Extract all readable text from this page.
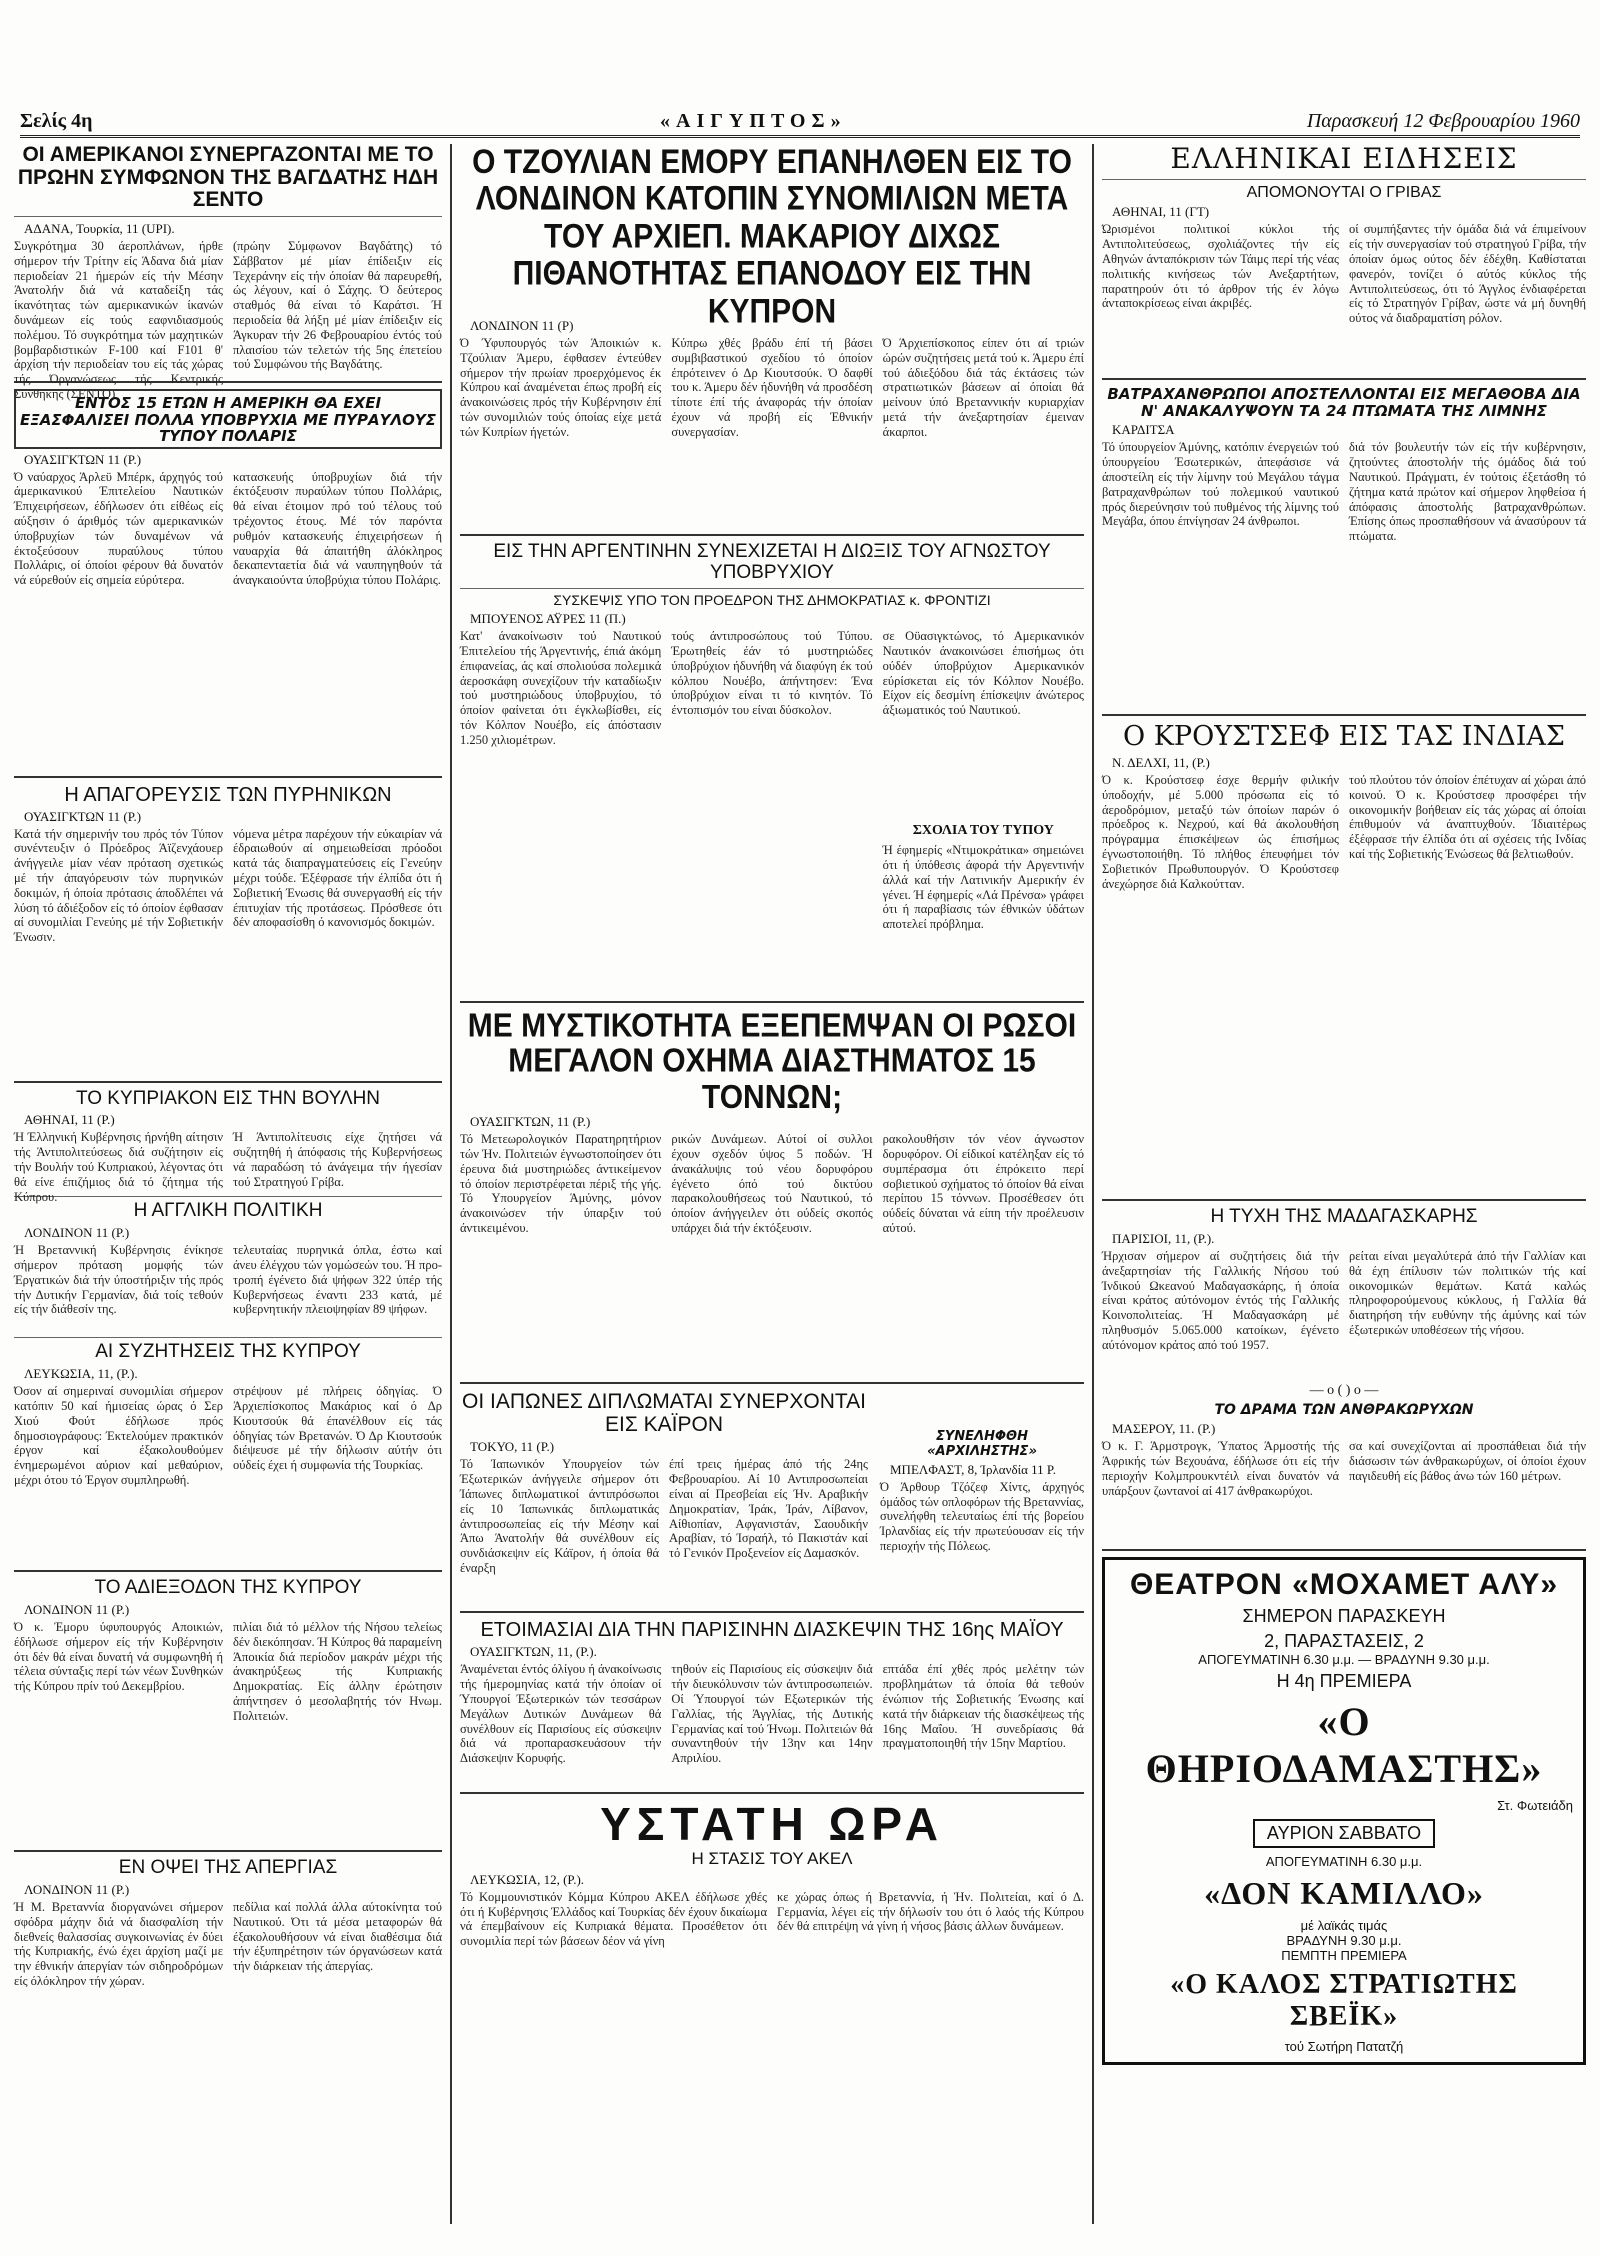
Σελίς 4η	«ΑΙΓΥΠΤΟΣ»	Παρασκευή 12 Φεβρουαρίου 1960
ΟΙ ΑΜΕΡΙΚΑΝΟΙ ΣΥΝΕΡΓΑΖΟΝΤΑΙ ΜΕ ΤΟ ΠΡΩΗΝ ΣΥΜΦΩΝΟΝ ΤΗΣ ΒΑΓΔΑΤΗΣ ΗΔΗ ΣΕΝΤΟ
ΑΔΑΝΑ, Τουρκία, 11 (UPI).
Συγκρότημα 30 άεροπλάνων, ήρθε σήμερον τήν Τρίτην είς Άδανα διά μίαν περιοδείαν 21 ήμερών είς τήν Μέσην Άνατολήν διά νά καταδείξη τάς ίκανότητας τών αμερικανικών ίκανών δυνάμεων είς τούς εαφνιδιασμούς πολέμου. Τό συγκρότημα τών μαχητικών βομβαρδιστικών F-100 καί F101 θ' άρχίση τήν περιοδείαν του είς τάς χώρας τής Όργανώσεως τής Κεντρικής Συνθήκης (ΣΕΝΤΟ)
(πρώην Σύμφωνον Βαγδάτης) τό Σάββατον μέ μίαν έπίδειξιν είς Τεχεράνην είς τήν όποίαν θά παρευρεθή, ώς λέγουν, καί ό Σάχης. Ό δεύτερος σταθμός θά είναι τό Καράτσι. Ή περιοδεία θά λήξη μέ μίαν έπίδειξιν είς Άγκυραν τήν 26 Φεβρουαρίου έντός τού πλαισίου τών τελετών τής 5ης έπετείου τού Συμφώνου τής Βαγδάτης.
ΕΝΤΟΣ 15 ΕΤΩΝ Η ΑΜΕΡΙΚΗ ΘΑ ΕΧΕΙ ΕΞΑΣΦΑΛΙΣΕΙ ΠΟΛΛΑ ΥΠΟΒΡΥΧΙΑ ΜΕ ΠΥΡΑΥΛΟΥΣ ΤΥΠΟΥ ΠΟΛΑΡΙΣ
ΟΥΑΣΙΓΚΤΩΝ 11 (Ρ.)
Ό ναύαρχος Άρλεϋ Μπέρκ, άρχηγός τού άμερικανικού Έπιτελείου Ναυτικών Έπιχειρήσεων, έδήλωσεν ότι είθέως είς αύξησιν ό άριθμός τών αμερικανικών ύποβρυχίων τών δυναμένων νά έκτοξεύσουν πυραύλους τύπου Πολλάρις, οί όποίοι φέρουν θά δυνατόν νά εύρεθούν είς σημεία εύρύτερα.
κατασκευής ύποβρυχίων διά τήν έκτόξευσιν πυραύλων τύπου Πολλάρις, θά είναι έτοιμον πρό τού τέλους τού τρέχοντος έτους. Μέ τόν παρόντα ρυθμόν κατασκευής έπιχειρήσεων ή ναυαρχία θά άπαιτήθη άλόκληρος δεκαπενταετία διά νά ναυπηγηθούν τά άναγκαιούντα ύποβρύχια τύπου Πολάρις.
Η ΑΠΑΓΟΡΕΥΣΙΣ ΤΩΝ ΠΥΡΗΝΙΚΩΝ
ΟΥΑΣΙΓΚΤΩΝ 11 (Ρ.)
Κατά τήν σημερινήν του πρός τόν Τύπον συνέντευξιν ό Πρόεδρος Άϊζενχάουερ άνήγγειλε μίαν νέαν πρόταση σχετικώς μέ τήν άπαγόρευσιν τών πυρηνικών δοκιμών, ή όποία πρότασις άποδλέπει νά λύση τό άδιέξοδον είς τό όποίον έφθασαν αί συνομιλίαι Γενεύης μέ τήν Σοβιετικήν Ένωσιν.
νόμενα μέτρα παρέχουν τήν εύκαιρίαν νά έδραιωθούν αί σημειωθείσαι πρόοδοι κατά τάς διαπραγματεύσεις είς Γενεύην μέχρι τούδε. Έξέφρασε τήν έλπίδα ότι ή Σοβιετική Ένωσις θά συνεργασθή είς τήν έπιτυχίαν τής προτάσεως. Πρόσθεσε ότι δέν αποφασίσθη ό κανονισμός δοκιμών.
ΤΟ ΚΥΠΡΙΑΚΟΝ ΕΙΣ ΤΗΝ ΒΟΥΛΗΝ
ΑΘΗΝΑΙ, 11 (Ρ.)
Ή Έλληνική Κυβέρνησις ήρνήθη αίτησιν τής Άντιπολιτεύσεως διά συζήτησιν είς τήν Βουλήν τού Κυπριακού, λέγοντας ότι θά είνε έπιζήμιος διά τό ζήτημα τής Κύπρου.
Ή Άντιπολίτευσις είχε ζητήσει νά συζητηθή ή άπόφασις τής Κυβερνήσεως νά παραδώση τό άνάγειμα τήν ήγεσίαν τού Στρατηγού Γρίβα.
Η ΑΓΓΛΙΚΗ ΠΟΛΙΤΙΚΗ
ΛΟΝΔΙΝΟΝ 11 (Ρ.)
Ή Βρεταννική Κυβέρνησις ένίκησε σήμερον πρόταση μομφής τών Έργατικών διά τήν ύποστήριξιν τής πρός τήν Δυτικήν Γερμανίαν, διά τοίς τεθούν είς τήν διάθεσίν της.
τελευταίας πυρηνικά όπλα, έστω καί άνευ έλέγχου τών γομώσεών του. Ή προτροπή έγένετο διά ψήφων 322 ύπέρ τής Κυβερνήσεως έναντι 233 κατά, μέ κυβερνητικήν πλειοψηφίαν 89 ψήφων.
ΑΙ ΣΥΖΗΤΗΣΕΙΣ ΤΗΣ ΚΥΠΡΟΥ
ΛΕΥΚΩΣΙΑ, 11, (Ρ.).
Όσον αί σημεριναί συνομιλίαι σήμερον κατόπιν 50 καί ήμισείας ώρας ό Σερ Χιού Φούτ έδήλωσε πρός δημοσιογράφους: Έκτελούμεν πρακτικόν έργον καί έξακολουθούμεν ένημερωμένοι αύριον καί μεθαύριον, μέχρι ότου τό Έργον συμπληρωθή.
στρέψουν μέ πλήρεις όδηγίας. Ό Άρχιεπίσκοπος Μακάριος καί ό Δρ Κιουτσούκ θά έπανέλθουν είς τάς όδηγίας τών Βρετανών. Ό Δρ Κιουτσούκ διέψευσε μέ τήν δήλωσιν αύτήν ότι ούδείς έχει ή συμφωνία τής Τουρκίας.
ΤΟ ΑΔΙΕΞΟΔΟΝ ΤΗΣ ΚΥΠΡΟΥ
ΛΟΝΔΙΝΟΝ 11 (Ρ.)
Ό κ. Έμορυ ύφυπουργός Αποικιών, έδήλωσε σήμερον είς τήν Κυβέρνησιν ότι δέν θά είναι δυνατή νά συμφωνηθή ή τέλεια σύνταξις περί τών νέων Συνθηκών τής Κύπρου πρίν τού Δεκεμβρίου.
πιλίαι διά τό μέλλον τής Νήσου τελείως δέν διεκόπησαν. Ή Κύπρος θά παραμείνη Άποικία διά περίοδον μακράν μέχρι τής άνακηρύξεως τής Κυπριακής Δημοκρατίας. Είς άλλην έρώτησιν άπήντησεν ό μεσολαβητής τόν Ηνωμ. Πολιτειών.
ΕΝ ΟΨΕΙ ΤΗΣ ΑΠΕΡΓΙΑΣ
ΛΟΝΔΙΝΟΝ 11 (Ρ.)
Ή Μ. Βρεταννία διοργανώνει σήμερον σφόδρα μάχην διά νά διασφαλίση τήν διεθνείς θαλασσίας συγκοινωνίας έν δύει τής Κυπριακής, ένώ έχει άρχίση μαζί με την έθνικήν άπεργίαν τών σιδηροδρόμων είς όλόκληρον τήν χώραν.
πεδίλια καί πολλά άλλα αύτοκίνητα τού Ναυτικού. Ότι τά μέσα μεταφορών θά έξακολουθήσουν νά είναι διαθέσιμα διά τήν έξυπηρέτησιν τών όργανώσεων κατά τήν διάρκειαν τής άπεργίας.
Ο ΤΖΟΥΛΙΑΝ ΕΜΟΡΥ ΕΠΑΝΗΛΘΕΝ ΕΙΣ ΤΟ ΛΟΝΔΙΝΟΝ ΚΑΤΟΠΙΝ ΣΥΝΟΜΙΛΙΩΝ ΜΕΤΑ ΤΟΥ ΑΡΧΙΕΠ. ΜΑΚΑΡΙΟΥ ΔΙΧΩΣ ΠΙΘΑΝΟΤΗΤΑΣ ΕΠΑΝΟΔΟΥ ΕΙΣ ΤΗΝ ΚΥΠΡΟΝ
ΛΟΝΔΙΝΟΝ 11 (Ρ)
Ό Ύφυπουργός τών Άποικιών κ. Τζούλιαν Άμερυ, έφθασεν έντεύθεν σήμερον τήν πρωίαν προερχόμενος έκ Κύπρου καί άναμένεται έπως προβή είς άνακοινώσεις πρός τήν Κυβέρνησιν έπί τών συνομιλιών τούς όποίας είχε μετά τών Κυπρίων ήγετών.
Κύπρω χθές βράδυ έπί τή βάσει συμβιβαστικού σχεδίου τό όποίον έπρότεινεν ό Δρ Κιουτσούκ. Ό δαφθί του κ. Άμερυ δέν ήδυνήθη νά προσδέση τίποτε έπί τής άναφοράς τήν όποίαν έχουν νά προβή είς Έθνικήν συνεργασίαν.
Ό Άρχιεπίσκοπος είπεν ότι αί τριών ώρών συζητήσεις μετά τού κ. Άμερυ έπί τού άδιεξόδου διά τάς έκτάσεις τών στρατιωτικών βάσεων αί όποίαι θά μείνουν ύπό Βρεταννικήν κυριαρχίαν μετά τήν άνεξαρτησίαν έμειναν άκαρποι.
ΕΙΣ ΤΗΝ ΑΡΓΕΝΤΙΝΗΝ ΣΥΝΕΧΙΖΕΤΑΙ Η ΔΙΩΞΙΣ ΤΟΥ ΑΓΝΩΣΤΟΥ ΥΠΟΒΡΥΧΙΟΥ
ΣΥΣΚΕΨΙΣ ΥΠΟ ΤΟΝ ΠΡΟΕΔΡΟΝ ΤΗΣ ΔΗΜΟΚΡΑΤΙΑΣ κ. ΦΡΟΝΤΙΖΙ
ΜΠΟΥΕΝΟΣ ΑΫΡΕΣ 11 (Π.)
Κατ' άνακοίνωσιν τού Ναυτικού Έπιτελείου τής Άργεντινής, έπιά άκόμη έπιφανείας, άς καί σπολιούσα πολεμικά άεροσκάφη συνεχίζουν τήν καταδίωξιν τού μυστηριώδους ύποβρυχίου, τό όποίον φαίνεται ότι έγκλωβίσθει, είς τόν Κόλπον Νουέβο, είς άπόστασιν 1.250 χιλιομέτρων.
τούς άντιπροσώπους τού Τύπου. Έρωτηθείς έάν τό μυστηριώδες ύποβρύχιον ήδυνήθη νά διαφύγη έκ τού κόλπου Νουέβο, άπήντησεν: Ένα ύποβρύχιον είναι τι τό κινητόν. Τό έντοπισμόν του είναι δύσκολον.
σε Οϋασιγκτώνος, τό Αμερικανικόν Ναυτικόν άνακοινώσει έπισήμως ότι ούδέν ύποβρύχιον Αμερικανικόν εύρίσκεται είς τόν Κόλπον Νουέβο. Είχον είς δεσμίνη έπίσκεψιν άνώτερος άξιωματικός τού Ναυτικού.
ΣΧΟΛΙΑ ΤΟΥ ΤΥΠΟΥ
Ή έφημερίς «Ντιμοκράτικα» σημειώνει ότι ή ύπόθεσις άφορά τήν Αργεντινήν άλλά καί τήν Λατινικήν Αμερικήν έν γένει. Ή έφημερίς «Λά Πρένσα» γράφει ότι ή παραβίασις τών έθνικών ύδάτων αποτελεί πρόβλημα.
ΜΕ ΜΥΣΤΙΚΟΤΗΤΑ ΕΞΕΠΕΜΨΑΝ ΟΙ ΡΩΣΟΙ ΜΕΓΑΛΟΝ ΟΧΗΜΑ ΔΙΑΣΤΗΜΑΤΟΣ 15 ΤΟΝΝΩΝ;
ΟΥΑΣΙΓΚΤΩΝ, 11 (Ρ.)
Τό Μετεωρολογικόν Παρατηρητήριον τών Ήν. Πολιτειών έγνωστοποίησεν ότι έρευνα διά μυστηριώδες άντικείμενον τό όποίον περιστρέφεται πέριξ τής γής. Τό Υπουργείον Άμύνης, μόνον άνακοινώσεν τήν ύπαρξιν τού άντικειμένου.
ρικών Δυνάμεων. Αύτοί οί συλλοι έχουν σχεδόν ύψος 5 ποδών. Ή άνακάλυψις τού νέου δορυφόρου έγένετο όπό τού δικτύου παρακολουθήσεως τού Ναυτικού, τό όποίον άνήγγειλεν ότι ούδείς σκοπός υπάρχει διά τήν έκτόξευσιν.
ρακολουθήσιν τόν νέον άγνωστον δορυφόρον. Οί είδικοί κατέληξαν είς τό συμπέρασμα ότι έπρόκειτο περί σοβιετικού σχήματος τό όποίον θά είναι περίπου 15 τόννων. Προσέθεσεν ότι ούδείς δύναται νά είπη τήν προέλευσιν αύτού.
ΟΙ ΙΑΠΩΝΕΣ ΔΙΠΛΩΜΑΤΑΙ ΣΥΝΕΡΧΟΝΤΑΙ ΕΙΣ ΚΑΪΡΟΝ
ΤΟΚΥΟ, 11 (Ρ.)
Τό Ίαπωνικόν Υπουργείον τών Έξωτερικών άνήγγειλε σήμερον ότι Ίάπωνες διπλωματικοί άντιπρόσωποι είς 10 Ίαπωνικάς διπλωματικάς άντιπροσωπείας είς τήν Μέσην καί Άπω Άνατολήν θά συνέλθουν είς συνδιάσκεψιν είς Κάϊρον, ή όποία θά έναρξη
έπί τρεις ήμέρας άπό τής 24ης Φεβρουαρίου. Αί 10 Αντιπροσωπείαι είναι αί Πρεσβείαι είς Ήν. Αραβικήν Δημοκρατίαν, Ίράκ, Ίράν, Λίβανον, Αίθιοπίαν, Αφγανιστάν, Σαουδικήν Αραβίαν, τό Ίσραήλ, τό Πακιστάν καί τό Γενικόν Προξενείον είς Δαμασκόν.
ΣΥΝΕΛΗΦΘΗ «ΑΡΧΙΛΗΣΤΗΣ»
ΜΠΕΛΦΑΣΤ, 8, Ίρλανδία 11 Ρ.
Ό Άρθουρ Τζόζεφ Χίντς, άρχηγός όμάδος τών οπλοφόρων τής Βρεταννίας, συνελήφθη τελευταίως έπί τής βορείου Ίρλανδίας είς τήν πρωτεύουσαν είς τήν περιοχήν τής Πόλεως.
ΕΤΟΙΜΑΣΙΑΙ ΔΙΑ ΤΗΝ ΠΑΡΙΣΙΝΗΝ ΔΙΑΣΚΕΨΙΝ ΤΗΣ 16ης ΜΑΪΟΥ
ΟΥΑΣΙΓΚΤΩΝ, 11, (Ρ.).
Άναμένεται έντός όλίγου ή άνακοίνωσις τής ήμερομηνίας κατά τήν όποίαν οί Ύπουργοί Έξωτερικών τών τεσσάρων Μεγάλων Δυτικών Δυνάμεων θά συνέλθουν είς Παρισίους είς σύσκεψιν διά νά προπαρασκευάσουν τήν Διάσκεψιν Κορυφής.
τηθούν είς Παρισίους είς σύσκεψιν διά τήν διευκόλυνσιν τών άντιπροσωπειών. Οί Ύπουργοί τών Εξωτερικών τής Γαλλίας, τής Άγγλίας, τής Δυτικής Γερμανίας καί τού Ήνωμ. Πολιτειών θά συναντηθούν τήν 13ην και 14ην Απριλίου.
επτάδα έπί χθές πρός μελέτην τών προβλημάτων τά όποία θά τεθούν ένώπιον τής Σοβιετικής Ένωσης καί κατά τήν διάρκειαν τής διασκέψεως τής 16ης Μαΐου. Ή συνεδρίασις θά πραγματοποιηθή τήν 15ην Μαρτίου.
ΥΣΤΑΤΗ ΩΡΑ
Η ΣΤΑΣΙΣ ΤΟΥ ΑΚΕΛ
ΛΕΥΚΩΣΙΑ, 12, (Ρ.).
Τό Κομμουνιστικόν Κόμμα Κύπρου ΑΚΕΛ έδήλωσε χθές ότι ή Κυβέρνησις Έλλάδος καί Τουρκίας δέν έχουν δικαίωμα νά έπεμβαίνουν είς Κυπριακά θέματα. Προσέθετον ότι συνομιλία περί τών βάσεων δέον νά γίνη
κε χώρας όπως ή Βρεταννία, ή Ήν. Πολιτείαι, καί ό Δ. Γερμανία, λέγει είς τήν δήλωσίν του ότι ό λαός τής Κύπρου δέν θά επιτρέψη νά γίνη ή νήσος βάσις άλλων δυνάμεων.
ΕΛΛΗΝΙΚΑΙ ΕΙΔΗΣΕΙΣ
ΑΠΟΜΟΝΟΥΤΑΙ Ο ΓΡΙΒΑΣ
ΑΘΗΝΑΙ, 11 (ΓΤ)
Ώρισμένοι πολιτικοί κύκλοι τής Αντιπολιτεύσεως, σχολιάζοντες τήν είς Αθηνών άνταπόκρισιν τών Τάιμς περί τής νέας πολιτικής κινήσεως τών Ανεξαρτήτων, παρατηρούν ότι τό άρθρον τής έν λόγω άνταποκρίσεως είναι άκριβές.
οί συμπήξαντες τήν όμάδα διά νά έπιμείνουν είς τήν συνεργασίαν τού στρατηγού Γρίβα, τήν όποίαν όμως ούτος δέν έδέχθη. Καθίσταται φανερόν, τονίζει ό αύτός κύκλος τής Αντιπολιτεύσεως, ότι τό Άγγλος ένδιαφέρεται είς τό Στρατηγόν Γρίβαν, ώστε νά μή δυνηθή ούτος νά διαδραματίση ρόλον.
ΒΑΤΡΑΧΑΝΘΡΩΠΟΙ ΑΠΟΣΤΕΛΛΟΝΤΑΙ ΕΙΣ ΜΕΓΑΘΟΒΑ ΔΙΑ Ν' ΑΝΑΚΑΛΥΨΟΥΝ ΤΑ 24 ΠΤΩΜΑΤΑ ΤΗΣ ΛΙΜΝΗΣ
ΚΑΡΔΙΤΣΑ
Τό ύπουργείον Άμύνης, κατόπιν ένεργειών τού ύπουργείου Έσωτερικών, άπεφάσισε νά άποστείλη είς τήν λίμνην τού Μεγάλου τάγμα βατραχανθρώπων τού πολεμικού ναυτικού πρός διερεύνησιν τού πυθμένος τής λίμνης τού Μεγάβα, όπου έπνίγησαν 24 άνθρωποι.
διά τόν βουλευτήν τών είς τήν κυβέρνησιν, ζητούντες άποστολήν τής όμάδος διά τού Ναυτικού. Πράγματι, έν τούτοις έξετάσθη τό ζήτημα κατά πρώτον καί σήμερον ληφθείσα ή άπόφασις άποστολής βατραχανθρώπων. Έπίσης όπως προσπαθήσουν νά άνασύρουν τά πτώματα.
Ο ΚΡΟΥΣΤΣΕΦ ΕΙΣ ΤΑΣ ΙΝΔΙΑΣ
Ν. ΔΕΛΧΙ, 11, (Ρ.)
Ό κ. Κρούστσεφ έσχε θερμήν φιλικήν ύποδοχήν, μέ 5.000 πρόσωπα είς τό άεροδρόμιον, μεταξύ τών όποίων παρών ό πρόεδρος κ. Νεχρού, καί θά άκολουθήση πρόγραμμα έπισκέψεων ώς έπισήμως έγνωστοποιήθη. Τό πλήθος έπευφήμει τόν Σοβιετικόν Πρωθυπουργόν. Ό Κρούστσεφ άνεχώρησε διά Καλκούτταν.
τού πλούτου τόν όποίον έπέτυχαν αί χώραι άπό κοινού. Ό κ. Κρούστσεφ προσφέρει τήν οικονομικήν βοήθειαν είς τάς χώρας αί όποίαι έπιθυμούν νά άναπτυχθούν. Ίδιαιτέρως έξέφρασε τήν έλπίδα ότι αί σχέσεις τής Ινδίας καί τής Σοβιετικής Ένώσεως θά βελτιωθούν.
Η ΤΥΧΗ ΤΗΣ ΜΑΔΑΓΑΣΚΑΡΗΣ
ΠΑΡΙΣΙΟΙ, 11, (Ρ.).
Ήρχισαν σήμερον αί συζητήσεις διά τήν άνεξαρτησίαν τής Γαλλικής Νήσου τού Ίνδικού Ωκεανού Μαδαγασκάρης, ή όποία είναι κράτος αύτόνομον έντός τής Γαλλικής Κοινοπολιτείας. Ή Μαδαγασκάρη μέ πληθυσμόν 5.065.000 κατοίκων, έγένετο αύτόνομον κράτος από τού 1957.
ρείται είναι μεγαλύτερά άπό τήν Γαλλίαν και θά έχη έπίλυσιν τών πολιτικών τής καί οικονομικών θεμάτων. Κατά καλώς πληροφορούμενους κύκλους, ή Γαλλία θά διατηρήση τήν ευθύνην τής άμύνης καί τών έξωτερικών υποθέσεων τής νήσου.
— ο ( ) ο —
ΤΟ ΔΡΑΜΑ ΤΩΝ ΑΝΘΡΑΚΩΡΥΧΩΝ
ΜΑΣΕΡΟΥ, 11. (Ρ.)
Ό κ. Γ. Άρμστρογκ, Ύπατος Άρμοστής τής Άφρικής τών Βεχουάνα, έδήλωσε ότι είς τήν περιοχήν Κολμπρουκντέιλ είναι δυνατόν νά υπάρξουν ζωντανοί αί 417 άνθρακωρύχοι.
σα καί συνεχίζονται αί προσπάθειαι διά τήν διάσωσιν τών άνθρακωρύχων, οί όποίοι έχουν παγιδευθή είς βάθος άνω τών 160 μέτρων.
ΘΕΑΤΡΟΝ «ΜΟΧΑΜΕΤ ΑΛΥ»
ΣΗΜΕΡΟΝ ΠΑΡΑΣΚΕΥΗ
2, ΠΑΡΑΣΤΑΣΕΙΣ, 2
ΑΠΟΓΕΥΜΑΤΙΝΗ 6.30 μ.μ. — ΒΡΑΔΥΝΗ 9.30 μ.μ.
Η 4η ΠΡΕΜΙΕΡΑ
«Ο ΘΗΡΙΟΔΑΜΑΣΤΗΣ»
Στ. Φωτειάδη
ΑΥΡΙΟΝ ΣΑΒΒΑΤΟ
ΑΠΟΓΕΥΜΑΤΙΝΗ 6.30 μ.μ.
«ΔΟΝ ΚΑΜΙΛΛΟ»
μέ λαϊκάς τιμάς
ΒΡΑΔΥΝΗ 9.30 μ.μ.
ΠΕΜΠΤΗ ΠΡΕΜΙΕΡΑ
«Ο ΚΑΛΟΣ ΣΤΡΑΤΙΩΤΗΣ ΣΒΕΪΚ»
τού Σωτήρη Πατατζή
